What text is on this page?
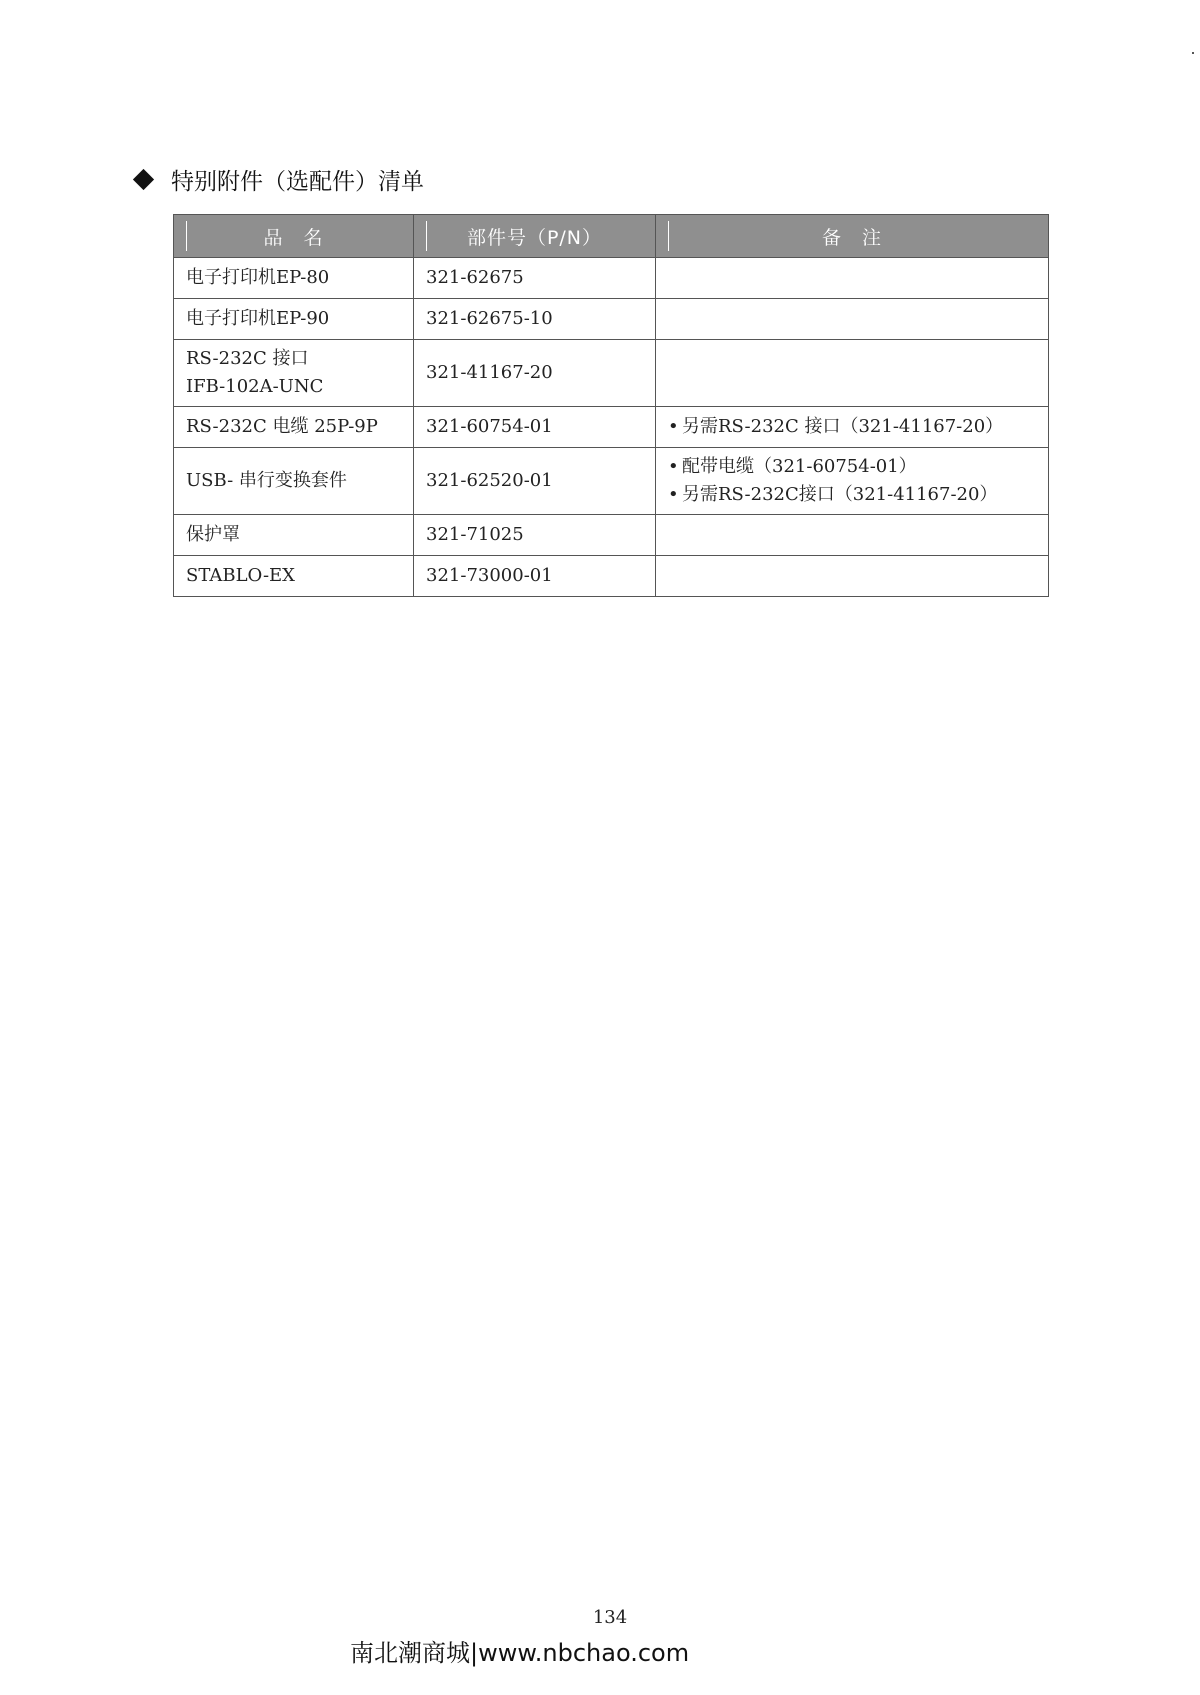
特别附件（选配件）清单
品　名	部件号（P/N）	备　注

电子打印机EP-80	321-62675	

电子打印机EP-90	321-62675-10	

RS-232C 接口
IFB-102A-UNC	321-41167-20	

RS-232C 电缆 25P-9P	321-60754-01	• 另需RS-232C 接口（321-41167-20）

USB- 串行变换套件	321-62520-01	• 配带电缆（321-60754-01）
• 另需RS-232C接口（321-41167-20）

保护罩	321-71025	

STABLO-EX	321-73000-01	
134
南北潮商城|www.nbchao.com
